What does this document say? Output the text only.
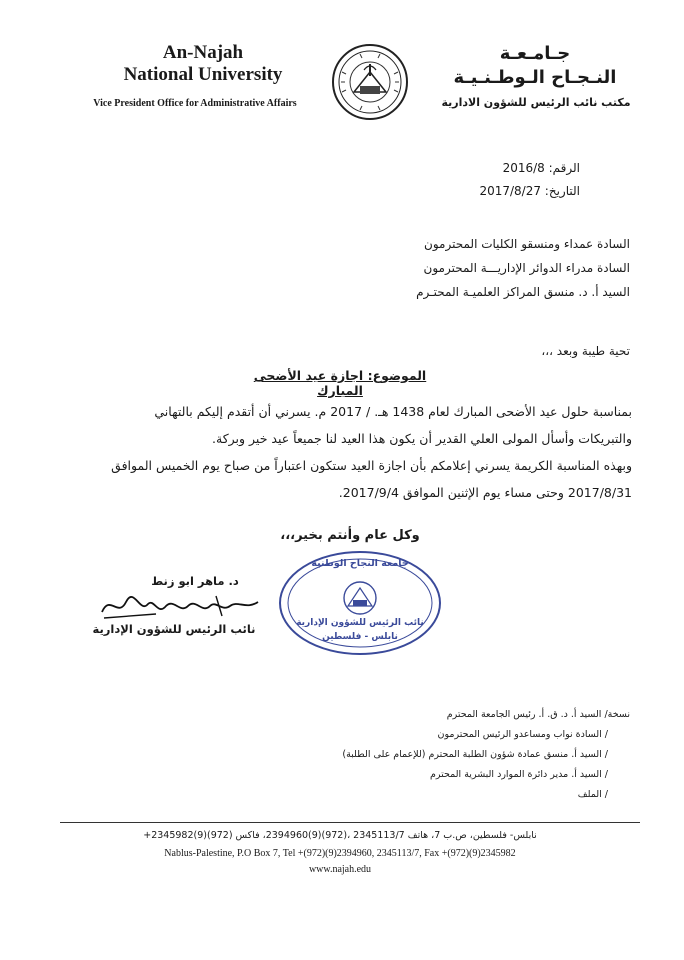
An-Najah
National University
Vice President Office for Administrative Affairs
جـامـعـة
النـجـاح الـوطـنـيـة
مكتب نائب الرئيس للشؤون الادارية
الرقم: 2016/8
التاريخ: 2017/8/27
السادة عمداء ومنسقو الكليات المحترمون
السادة مدراء الدوائر الإداريـــة المحترمون
السيد أ. د. منسق المراكز العلميـة المحتـرم
تحية طيبة وبعد ،،،
الموضوع: اجازة عيد الأضحى المبارك
بمناسبة حلول عيد الأضحى المبارك لعام 1438 هـ. / 2017 م. يسرني أن أتقدم إليكم بالتهاني
والتبريكات وأسأل المولى العلي القدير أن يكون هذا العيد لنا جميعاً عيد خير وبركة.
وبهذه المناسبة الكريمة يسرني إعلامكم بأن اجازة العيد ستكون اعتباراً من صباح يوم الخميس الموافق
2017/8/31 وحتى مساء يوم الإثنين الموافق 2017/9/4.
وكل عام وأنتم بخير،،،
د. ماهر ابو زنط
نائب الرئيس للشؤون الإدارية
جامعة النجاح الوطنية
نائب الرئيس للشؤون الإدارية
نابلس - فلسطين
نسخة/ السيد أ. د. ق. أ. رئيس الجامعة المحترم
/ السادة نواب ومساعدو الرئيس المحترمون
/ السيد أ. منسق عمادة شؤون الطلبة المحترم (للإعمام على الطلبة)
/ السيد أ. مدير دائرة الموارد البشرية المحترم
/ الملف
نابلس- فلسطين، ص.ب 7، هاتف 2345113/7 ،(972)(9)2394960، فاكس (972)(9)2345982+
Nablus-Palestine, P.O Box 7, Tel +(972)(9)2394960, 2345113/7, Fax +(972)(9)2345982
www.najah.edu
